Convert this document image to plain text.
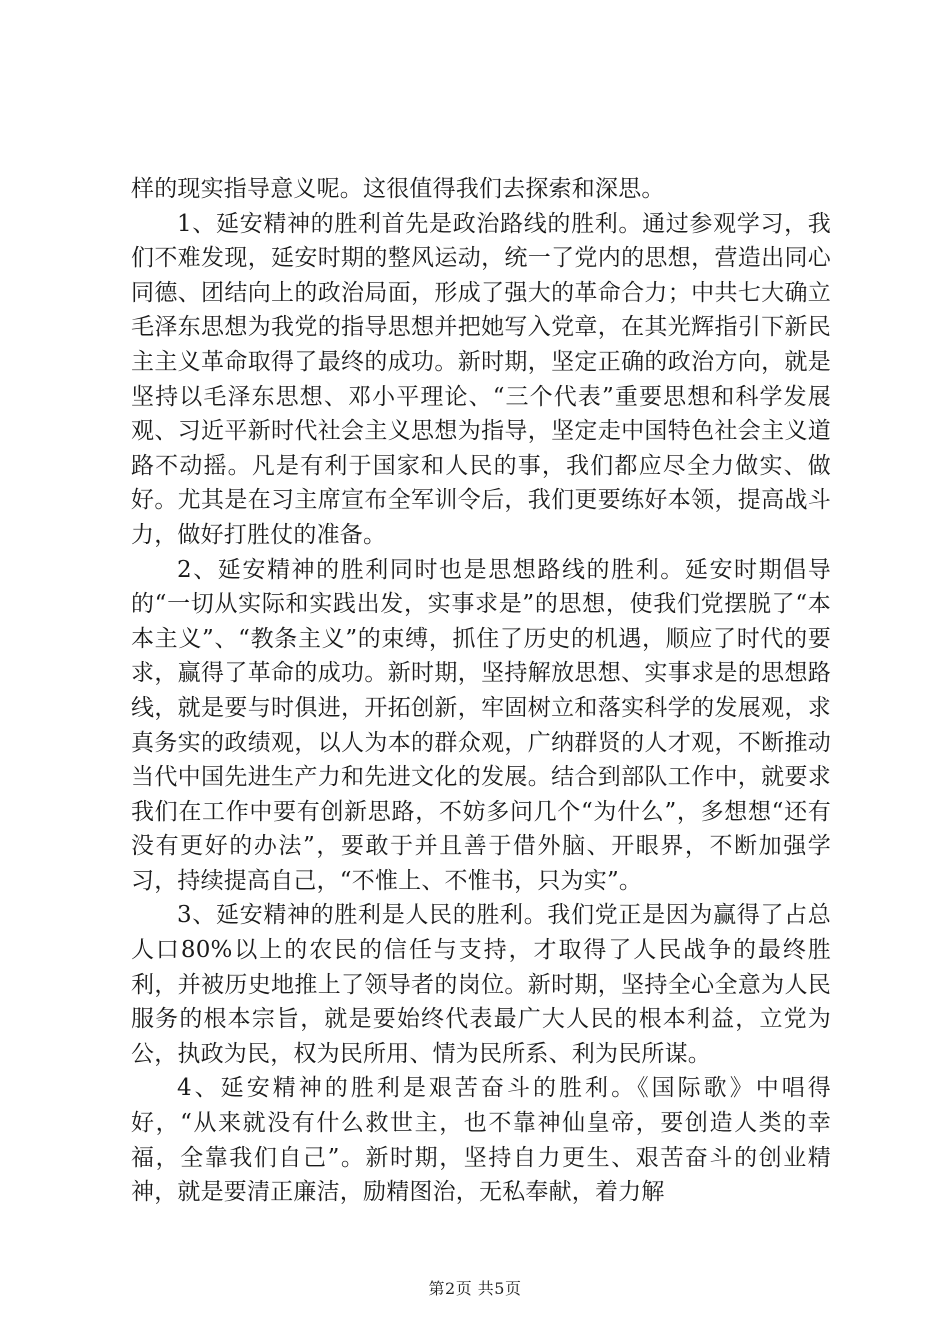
样的现实指导意义呢。这很值得我们去探索和深思。

1、延安精神的胜利首先是政治路线的胜利。通过参观学习，我们不难发现，延安时期的整风运动，统一了党内的思想，营造出同心同德、团结向上的政治局面，形成了强大的革命合力；中共七大确立毛泽东思想为我党的指导思想并把她写入党章，在其光辉指引下新民主主义革命取得了最终的成功。新时期，坚定正确的政治方向，就是坚持以毛泽东思想、邓小平理论、“三个代表”重要思想和科学发展观、习近平新时代社会主义思想为指导，坚定走中国特色社会主义道路不动摇。凡是有利于国家和人民的事，我们都应尽全力做实、做好。尤其是在习主席宣布全军训令后，我们更要练好本领，提高战斗力，做好打胜仗的准备。

2、延安精神的胜利同时也是思想路线的胜利。延安时期倡导的“一切从实际和实践出发，实事求是”的思想，使我们党摆脱了“本本主义”、“教条主义”的束缚，抓住了历史的机遇，顺应了时代的要求，赢得了革命的成功。新时期，坚持解放思想、实事求是的思想路线，就是要与时俱进，开拓创新，牢固树立和落实科学的发展观，求真务实的政绩观，以人为本的群众观，广纳群贤的人才观，不断推动当代中国先进生产力和先进文化的发展。结合到部队工作中，就要求我们在工作中要有创新思路，不妨多问几个“为什么”，多想想“还有没有更好的办法”，要敢于并且善于借外脑、开眼界，不断加强学习，持续提高自己，“不惟上、不惟书，只为实”。

3、延安精神的胜利是人民的胜利。我们党正是因为赢得了占总人口80%以上的农民的信任与支持，才取得了人民战争的最终胜利，并被历史地推上了领导者的岗位。新时期，坚持全心全意为人民服务的根本宗旨，就是要始终代表最广大人民的根本利益，立党为公，执政为民，权为民所用、情为民所系、利为民所谋。

4、延安精神的胜利是艰苦奋斗的胜利。《国际歌》中唱得好，“从来就没有什么救世主，也不靠神仙皇帝，要创造人类的幸福，全靠我们自己”。新时期，坚持自力更生、艰苦奋斗的创业精神，就是要清正廉洁，励精图治，无私奉献，着力解

第2页 共5页
